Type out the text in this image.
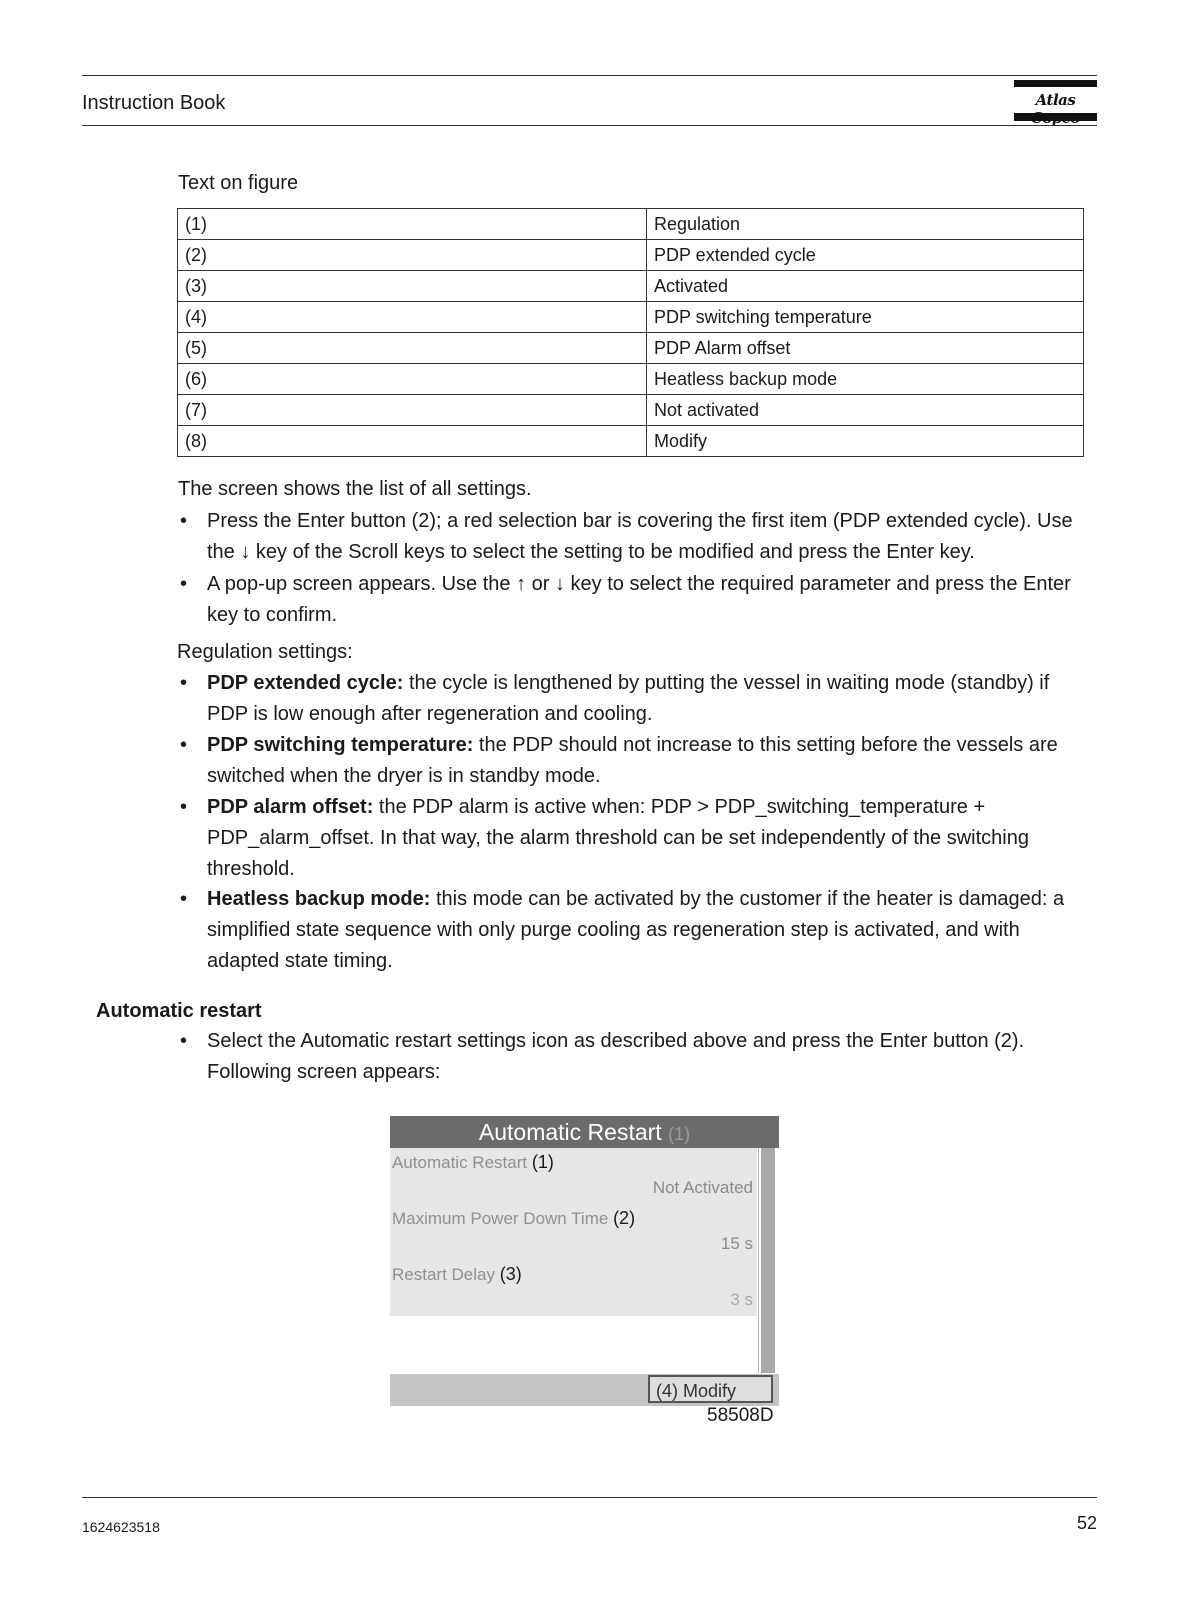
Instruction Book	Atlas
Text on figure
(1)	Regulation
(2)	PDP extended cycle
(3)	Activated
(4)	PDP switching temperature
(5)	PDP Alarm offset
(6)	Heatless backup mode
(7)	Not activated
(8)	Modify
The screen shows the list of all settings.
• Press the Enter button (2); a red selection bar is covering the first item (PDP extended cycle). Use the ↓ key of the Scroll keys to select the setting to be modified and press the Enter key.
• A pop-up screen appears. Use the ↑ or ↓ key to select the required parameter and press the Enter key to confirm.
Regulation settings:
• PDP extended cycle: the cycle is lengthened by putting the vessel in waiting mode (standby) if PDP is low enough after regeneration and cooling.
• PDP switching temperature: the PDP should not increase to this setting before the vessels are switched when the dryer is in standby mode.
• PDP alarm offset: the PDP alarm is active when: PDP > PDP_switching_temperature + PDP_alarm_offset. In that way, the alarm threshold can be set independently of the switching threshold.
• Heatless backup mode: this mode can be activated by the customer if the heater is damaged: a simplified state sequence with only purge cooling as regeneration step is activated, and with adapted state timing.
Automatic restart
• Select the Automatic restart settings icon as described above and press the Enter button (2). Following screen appears:
Automatic Restart (1)
Automatic Restart (1)
Not Activated
Maximum Power Down Time (2)
15 s
Restart Delay (3)
3 s
(4) Modify
58508D
1624623518	52
